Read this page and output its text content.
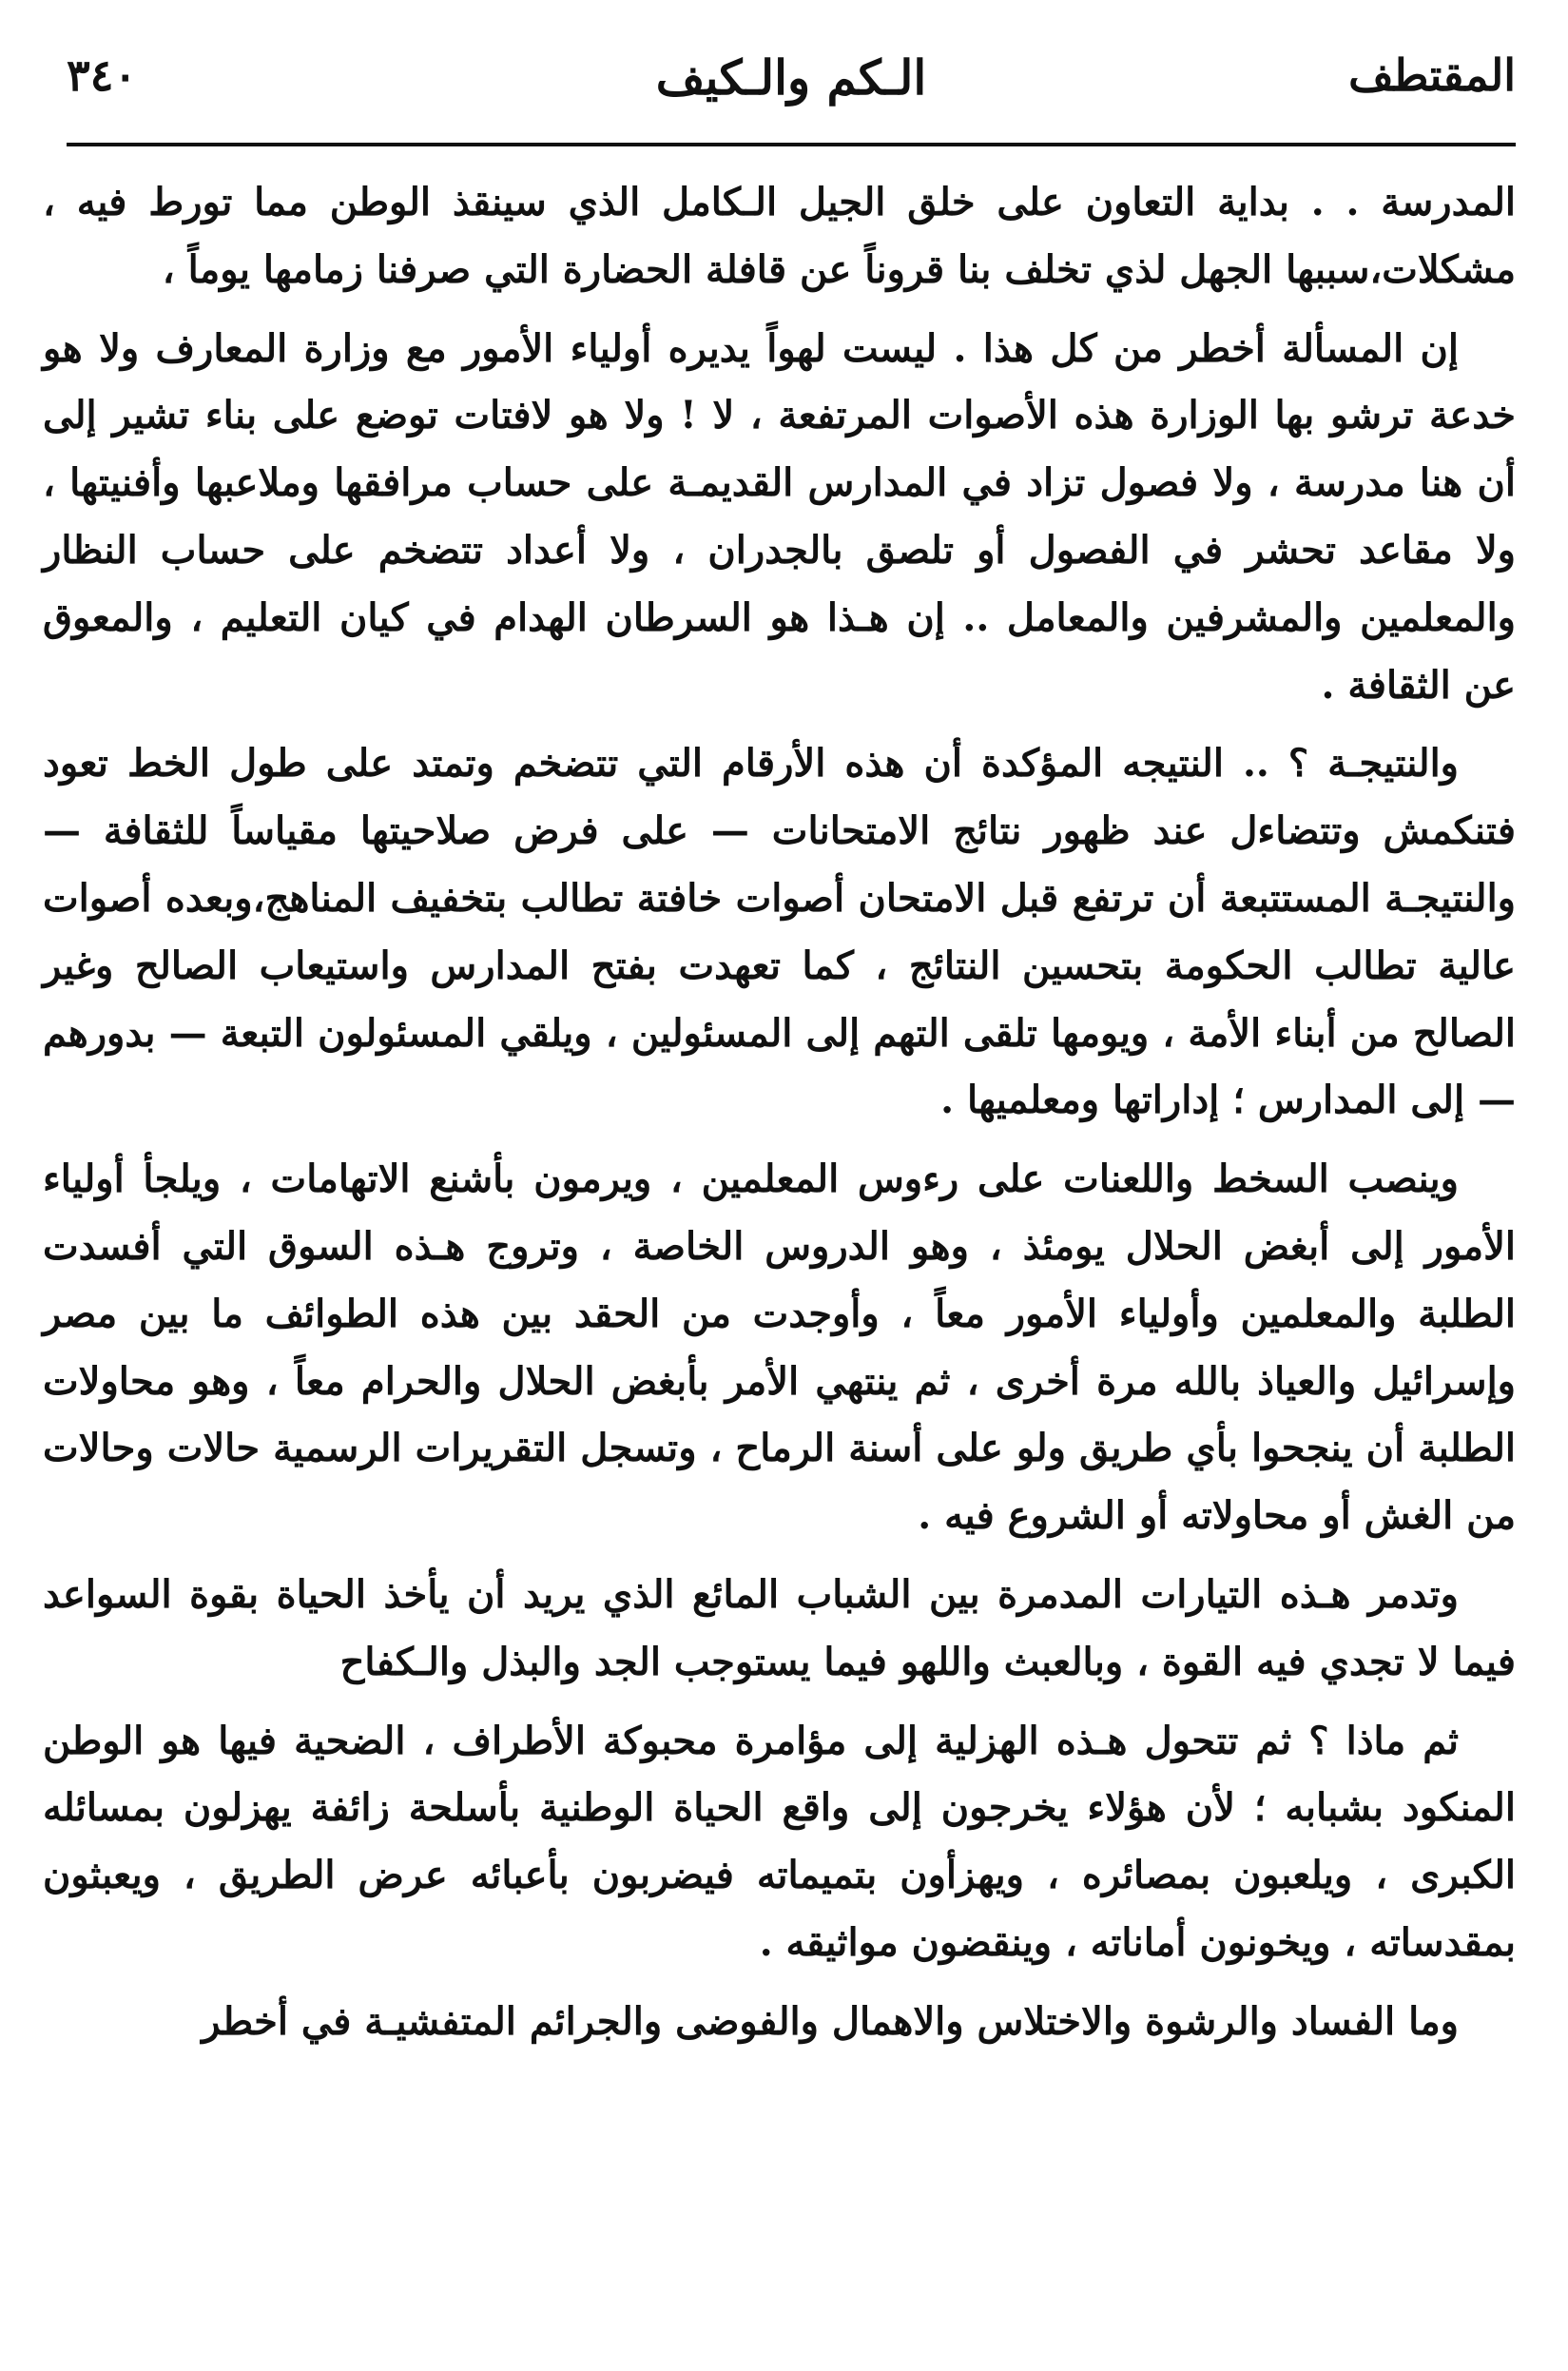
المقتطف
الـكم والـكيف
٣٤٠

المدرسة . . بداية التعاون على خلق الجيل الـكامل الذي سينقذ الوطن مما تورط فيه ، مشكلات،سببها الجهل لذي تخلف بنا قروناً عن قافلة الحضارة التي صرفنا زمامها يوماً ،

إن المسألة أخطر من كل هذا . ليست لهواً يديره أولياء الأمور مع وزارة المعارف ولا هو خدعة ترشو بها الوزارة هذه الأصوات المرتفعة ، لا ! ولا هو لافتات توضع على بناء تشير إلى أن هنا مدرسة ، ولا فصول تزاد في المدارس القديمـة على حساب مرافقها وملاعبها وأفنيتها ، ولا مقاعد تحشر في الفصول أو تلصق بالجدران ، ولا أعداد تتضخم على حساب النظار والمعلمين والمشرفين والمعامل .. إن هـذا هو السرطان الهدام في كيان التعليم ، والمعوق عن الثقافة .

والنتيجـة ؟ .. النتيجه المؤكدة أن هذه الأرقام التي تتضخم وتمتد على طول الخط تعود فتنكمش وتتضاءل عند ظهور نتائج الامتحانات — على فرض صلاحيتها مقياساً للثقافة — والنتيجـة المستتبعة أن ترتفع قبل الامتحان أصوات خافتة تطالب بتخفيف المناهج،وبعده أصوات عالية تطالب الحكومة بتحسين النتائج ، كما تعهدت بفتح المدارس واستيعاب الصالح وغير الصالح من أبناء الأمة ، ويومها تلقى التهم إلى المسئولين ، ويلقي المسئولون التبعة — بدورهم — إلى المدارس ؛ إداراتها ومعلميها .

وينصب السخط واللعنات على رءوس المعلمين ، ويرمون بأشنع الاتهامات ، ويلجأ أولياء الأمور إلى أبغض الحلال يومئذ ، وهو الدروس الخاصة ، وتروج هـذه السوق التي أفسدت الطلبة والمعلمين وأولياء الأمور معاً ، وأوجدت من الحقد بين هذه الطوائف ما بين مصر وإسرائيل والعياذ بالله مرة أخرى ، ثم ينتهي الأمر بأبغض الحلال والحرام معاً ، وهو محاولات الطلبة أن ينجحوا بأي طريق ولو على أسنة الرماح ، وتسجل التقريرات الرسمية حالات وحالات من الغش أو محاولاته أو الشروع فيه .

وتدمر هـذه التيارات المدمرة بين الشباب المائع الذي يريد أن يأخذ الحياة بقوة السواعد فيما لا تجدي فيه القوة ، وبالعبث واللهو فيما يستوجب الجد والبذل والـكفاح

ثم ماذا ؟ ثم تتحول هـذه الهزلية إلى مؤامرة محبوكة الأطراف ، الضحية فيها هو الوطن المنكود بشبابه ؛ لأن هؤلاء يخرجون إلى واقع الحياة الوطنية بأسلحة زائفة يهزلون بمسائله الكبرى ، ويلعبون بمصائره ، ويهزأون بتميماته فيضربون بأعبائه عرض الطريق ، ويعبثون بمقدساته ، ويخونون أماناته ، وينقضون مواثيقه .

وما الفساد والرشوة والاختلاس والاهمال والفوضى والجرائم المتفشيـة في أخطر
